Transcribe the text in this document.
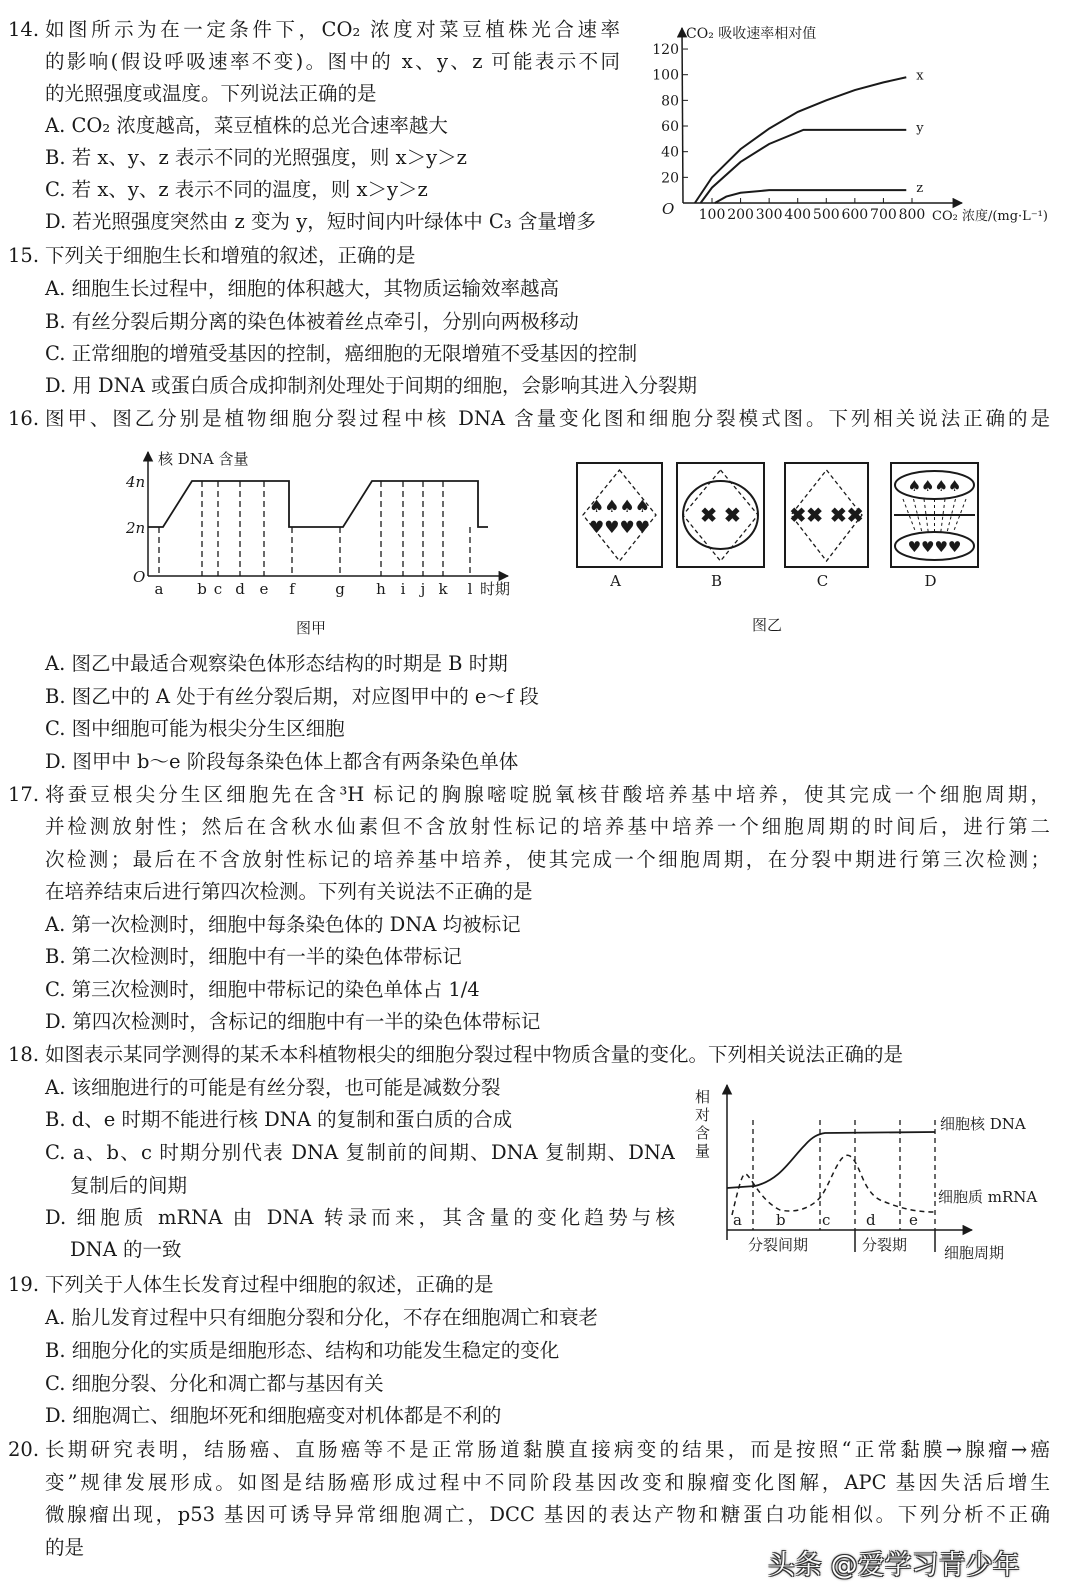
14. 如图所示为在一定条件下，CO₂ 浓度对菜豆植株光合速率
的影响(假设呼吸速率不变)。图中的 x、y、z 可能表示不同
的光照强度或温度。下列说法正确的是
A. CO₂ 浓度越高，菜豆植株的总光合速率越大
B. 若 x、y、z 表示不同的光照强度，则 x＞y＞z
C. 若 x、y、z 表示不同的温度，则 x＞y＞z
D. 若光照强度突然由 z 变为 y，短时间内叶绿体中 C₃ 含量增多
15. 下列关于细胞生长和增殖的叙述，正确的是
A. 细胞生长过程中，细胞的体积越大，其物质运输效率越高
B. 有丝分裂后期分离的染色体被着丝点牵引，分别向两极移动
C. 正常细胞的增殖受基因的控制，癌细胞的无限增殖不受基因的控制
D. 用 DNA 或蛋白质合成抑制剂处理处于间期的细胞，会影响其进入分裂期
16. 图甲、图乙分别是植物细胞分裂过程中核 DNA 含量变化图和细胞分裂模式图。下列相关说法正确的是
A. 图乙中最适合观察染色体形态结构的时期是 B 时期
B. 图乙中的 A 处于有丝分裂后期，对应图甲中的 e～f 段
C. 图中细胞可能为根尖分生区细胞
D. 图甲中 b～e 阶段每条染色体上都含有两条染色单体
17. 将蚕豆根尖分生区细胞先在含³H 标记的胸腺嘧啶脱氧核苷酸培养基中培养，使其完成一个细胞周期，
并检测放射性；然后在含秋水仙素但不含放射性标记的培养基中培养一个细胞周期的时间后，进行第二
次检测；最后在不含放射性标记的培养基中培养，使其完成一个细胞周期，在分裂中期进行第三次检测；
在培养结束后进行第四次检测。下列有关说法不正确的是
A. 第一次检测时，细胞中每条染色体的 DNA 均被标记
B. 第二次检测时，细胞中有一半的染色体带标记
C. 第三次检测时，细胞中带标记的染色单体占 1/4
D. 第四次检测时，含标记的细胞中有一半的染色体带标记
18. 如图表示某同学测得的某禾本科植物根尖的细胞分裂过程中物质含量的变化。下列相关说法正确的是
A. 该细胞进行的可能是有丝分裂，也可能是减数分裂
B. d、e 时期不能进行核 DNA 的复制和蛋白质的合成
C. a、b、c 时期分别代表 DNA 复制前的间期、DNA 复制期、DNA
复制后的间期
D. 细胞质 mRNA 由 DNA 转录而来，其含量的变化趋势与核
DNA 的一致
19. 下列关于人体生长发育过程中细胞的叙述，正确的是
A. 胎儿发育过程中只有细胞分裂和分化，不存在细胞凋亡和衰老
B. 细胞分化的实质是细胞形态、结构和功能发生稳定的变化
C. 细胞分裂、分化和凋亡都与基因有关
D. 细胞凋亡、细胞坏死和细胞癌变对机体都是不利的
20. 长期研究表明，结肠癌、直肠癌等不是正常肠道黏膜直接病变的结果，而是按照“正常黏膜→腺瘤→癌
变”规律发展形成。如图是结肠癌形成过程中不同阶段基因改变和腺瘤变化图解，APC 基因失活后增生
微腺瘤出现，p53 基因可诱导异常细胞凋亡，DCC 基因的表达产物和糖蛋白功能相似。下列分析不正确
的是
CO₂ 吸收速率相对值
CO₂ 浓度/(mg·L⁻¹)
O
20
40
60
80
100
120
100 200 300 400 500 600 700 800
x
y
z
核 DNA 含量
4n
2n
O
时期
a b c d e f	g h i j k l
图甲
♠♠♠♠
♥♥♥♥
A
✖ ✖
B
✖✖ ✖✖
C
♠♠♠♠
♥♥♥♥
D
图乙
相
对
含
量
a b c d e
细胞核 DNA
细胞质 mRNA
分裂间期	分裂期 细胞周期
头条 @爱学习青少年
